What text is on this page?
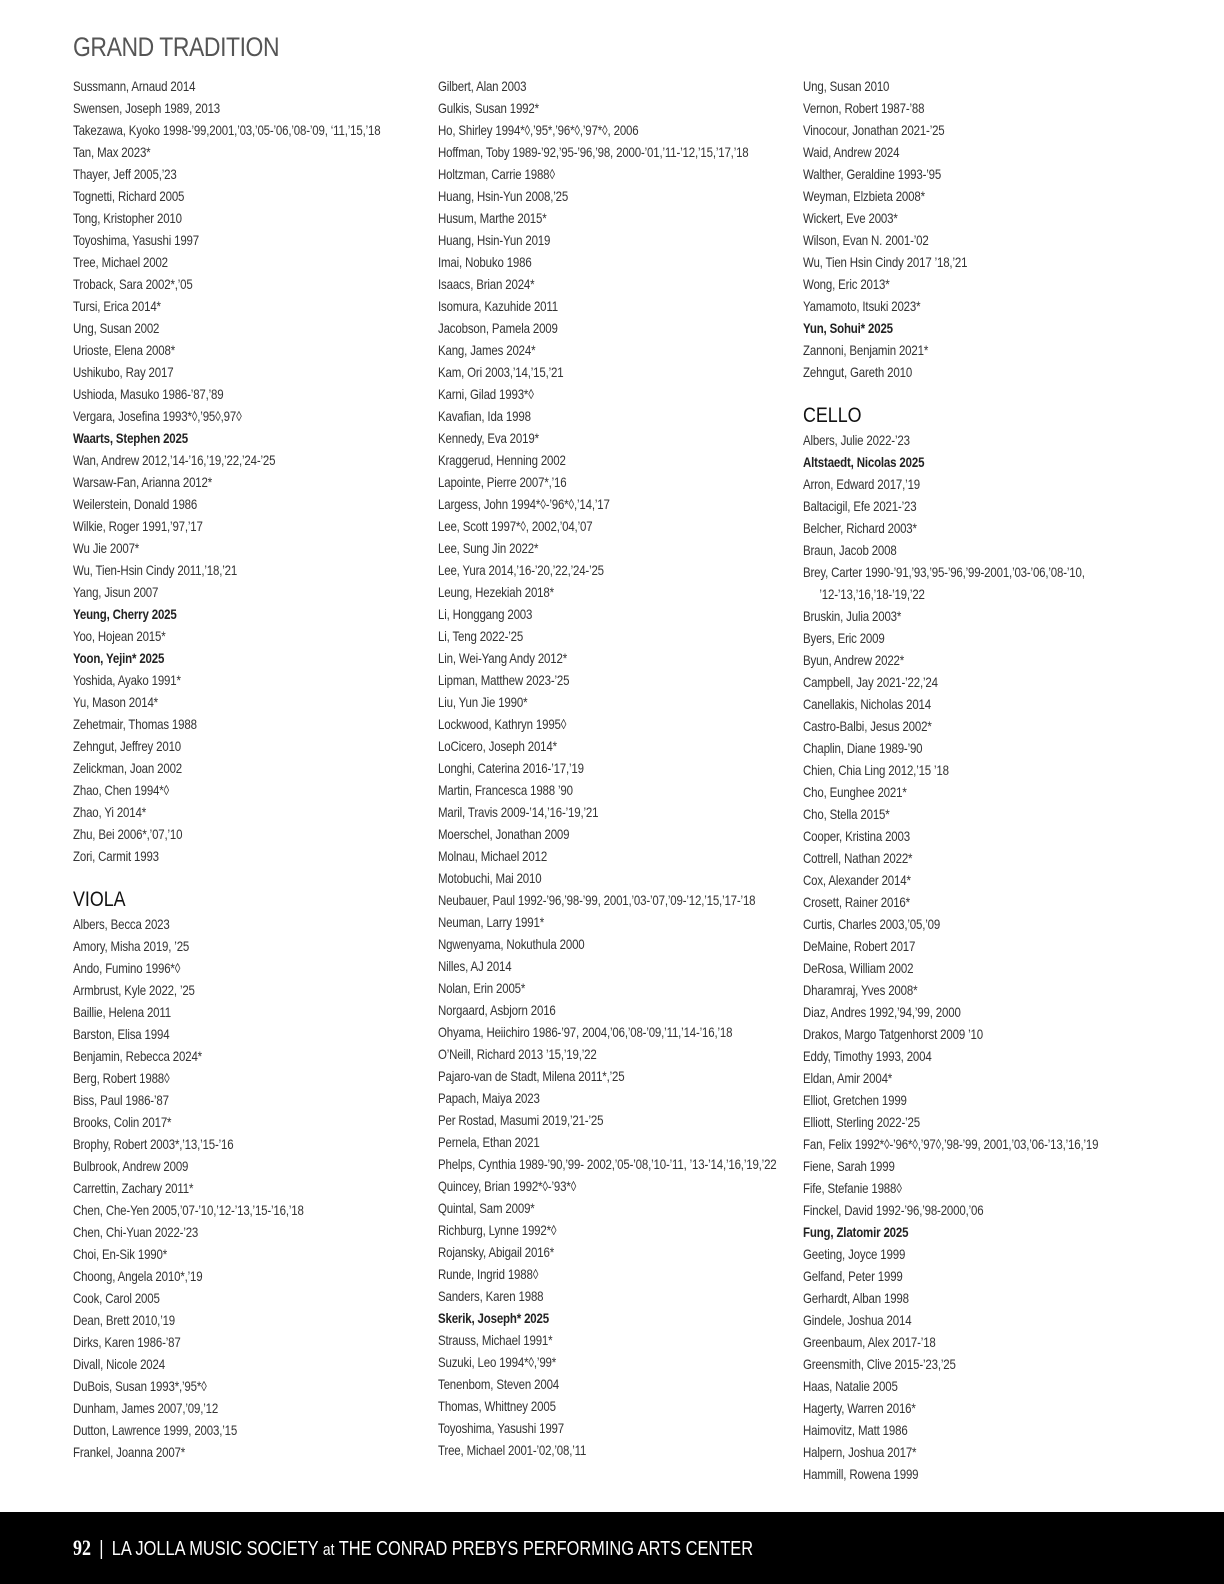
GRAND TRADITION
Sussmann, Arnaud 2014
Swensen, Joseph 1989, 2013
Takezawa, Kyoko 1998-’99,2001,’03,’05-’06,’08-’09, ‘11,’15,’18
Tan, Max 2023*
Thayer, Jeff 2005,’23
Tognetti, Richard 2005
Tong, Kristopher 2010
Toyoshima, Yasushi 1997
Tree, Michael 2002
Troback, Sara 2002*,’05
Tursi, Erica 2014*
Ung, Susan 2002
Urioste, Elena 2008*
Ushikubo, Ray 2017
Ushioda, Masuko 1986-’87,’89
Vergara, Josefina 1993*◊,’95◊,97◊
Waarts, Stephen 2025
Wan, Andrew 2012,’14-’16,’19,’22,’24-’25
Warsaw-Fan, Arianna 2012*
Weilerstein, Donald 1986
Wilkie, Roger 1991,’97,’17
Wu Jie 2007*
Wu, Tien-Hsin Cindy 2011,’18,’21
Yang, Jisun 2007
Yeung, Cherry 2025
Yoo, Hojean 2015*
Yoon, Yejin* 2025
Yoshida, Ayako 1991*
Yu, Mason 2014*
Zehetmair, Thomas 1988
Zehngut, Jeffrey 2010
Zelickman, Joan 2002
Zhao, Chen 1994*◊
Zhao, Yi 2014*
Zhu, Bei 2006*,’07,’10
Zori, Carmit 1993
VIOLA
Albers, Becca 2023
Amory, Misha 2019, ’25
Ando, Fumino 1996*◊
Armbrust, Kyle 2022, ’25
Baillie, Helena 2011
Barston, Elisa 1994
Benjamin, Rebecca 2024*
Berg, Robert 1988◊
Biss, Paul 1986-’87
Brooks, Colin 2017*
Brophy, Robert 2003*,’13,’15-’16
Bulbrook, Andrew 2009
Carrettin, Zachary 2011*
Chen, Che-Yen 2005,’07-’10,’12-’13,’15-’16,’18
Chen, Chi-Yuan 2022-’23
Choi, En-Sik 1990*
Choong, Angela 2010*,’19
Cook, Carol 2005
Dean, Brett 2010,’19
Dirks, Karen 1986-’87
Divall, Nicole 2024
DuBois, Susan 1993*,’95*◊
Dunham, James 2007,’09,’12
Dutton, Lawrence 1999, 2003,’15
Frankel, Joanna 2007*
Gilbert, Alan 2003
Gulkis, Susan 1992*
Ho, Shirley 1994*◊,’95*,’96*◊,’97*◊, 2006
Hoffman, Toby 1989-’92,’95-’96,’98, 2000-’01,’11-’12,’15,’17,’18
Holtzman, Carrie 1988◊
Huang, Hsin-Yun 2008,’25
Husum, Marthe 2015*
Huang, Hsin-Yun 2019
Imai, Nobuko 1986
Isaacs, Brian 2024*
Isomura, Kazuhide 2011
Jacobson, Pamela 2009
Kang, James 2024*
Kam, Ori 2003,’14,’15,’21
Karni, Gilad 1993*◊
Kavafian, Ida 1998
Kennedy, Eva 2019*
Kraggerud, Henning 2002
Lapointe, Pierre 2007*,’16
Largess, John 1994*◊-’96*◊,’14,’17
Lee, Scott 1997*◊, 2002,’04,’07
Lee, Sung Jin 2022*
Lee, Yura 2014,’16-’20,’22,’24-’25
Leung, Hezekiah 2018*
Li, Honggang 2003
Li, Teng 2022-’25
Lin, Wei-Yang Andy 2012*
Lipman, Matthew 2023-’25
Liu, Yun Jie 1990*
Lockwood, Kathryn 1995◊
LoCicero, Joseph 2014*
Longhi, Caterina 2016-’17,’19
Martin, Francesca 1988 ’90
Maril, Travis 2009-’14,’16-’19,’21
Moerschel, Jonathan 2009
Molnau, Michael 2012
Motobuchi, Mai 2010
Neubauer, Paul 1992-’96,’98-’99, 2001,’03-’07,’09-’12,’15,’17-’18
Neuman, Larry 1991*
Ngwenyama, Nokuthula 2000
Nilles, AJ 2014
Nolan, Erin 2005*
Norgaard, Asbjorn 2016
Ohyama, Heiichiro 1986-’97, 2004,’06,’08-’09,’11,’14-’16,’18
O’Neill, Richard 2013 ’15,’19,’22
Pajaro-van de Stadt, Milena 2011*,’25
Papach, Maiya 2023
Per Rostad, Masumi 2019,’21-’25
Pernela, Ethan 2021
Phelps, Cynthia 1989-’90,’99- 2002,’05-’08,’10-’11, ’13-’14,’16,’19,’22
Quincey, Brian 1992*◊-’93*◊
Quintal, Sam 2009*
Richburg, Lynne 1992*◊
Rojansky, Abigail 2016*
Runde, Ingrid 1988◊
Sanders, Karen 1988
Skerik, Joseph* 2025
Strauss, Michael 1991*
Suzuki, Leo 1994*◊,’99*
Tenenbom, Steven 2004
Thomas, Whittney 2005
Toyoshima, Yasushi 1997
Tree, Michael 2001-’02,’08,’11
Ung, Susan 2010
Vernon, Robert 1987-’88
Vinocour, Jonathan 2021-’25
Waid, Andrew 2024
Walther, Geraldine 1993-’95
Weyman, Elzbieta 2008*
Wickert, Eve 2003*
Wilson, Evan N. 2001-’02
Wu, Tien Hsin Cindy 2017 ’18,’21
Wong, Eric 2013*
Yamamoto, Itsuki 2023*
Yun, Sohui* 2025
Zannoni, Benjamin 2021*
Zehngut, Gareth 2010
CELLO
Albers, Julie 2022-’23
Altstaedt, Nicolas 2025
Arron, Edward 2017,’19
Baltacigil, Efe 2021-’23
Belcher, Richard 2003*
Braun, Jacob 2008
Brey, Carter 1990-’91,’93,’95-’96,’99-2001,’03-’06,’08-’10, ’12-’13,’16,’18-’19,’22
Bruskin, Julia 2003*
Byers, Eric 2009
Byun, Andrew 2022*
Campbell, Jay 2021-’22,’24
Canellakis, Nicholas 2014
Castro-Balbi, Jesus 2002*
Chaplin, Diane 1989-’90
Chien, Chia Ling 2012,’15 ’18
Cho, Eunghee 2021*
Cho, Stella 2015*
Cooper, Kristina 2003
Cottrell, Nathan 2022*
Cox, Alexander 2014*
Crosett, Rainer 2016*
Curtis, Charles 2003,’05,’09
DeMaine, Robert 2017
DeRosa, William 2002
Dharamraj, Yves 2008*
Diaz, Andres 1992,’94,’99, 2000
Drakos, Margo Tatgenhorst 2009 ’10
Eddy, Timothy 1993, 2004
Eldan, Amir 2004*
Elliot, Gretchen 1999
Elliott, Sterling 2022-’25
Fan, Felix 1992*◊-’96*◊,’97◊,’98-’99, 2001,’03,’06-’13,’16,’19
Fiene, Sarah 1999
Fife, Stefanie 1988◊
Finckel, David 1992-’96,’98-2000,’06
Fung, Zlatomir 2025
Geeting, Joyce 1999
Gelfand, Peter 1999
Gerhardt, Alban 1998
Gindele, Joshua 2014
Greenbaum, Alex 2017-’18
Greensmith, Clive 2015-’23,’25
Haas, Natalie 2005
Hagerty, Warren 2016*
Haimovitz, Matt 1986
Halpern, Joshua 2017*
Hammill, Rowena 1999
92 | LA JOLLA MUSIC SOCIETY at THE CONRAD PREBYS PERFORMING ARTS CENTER
